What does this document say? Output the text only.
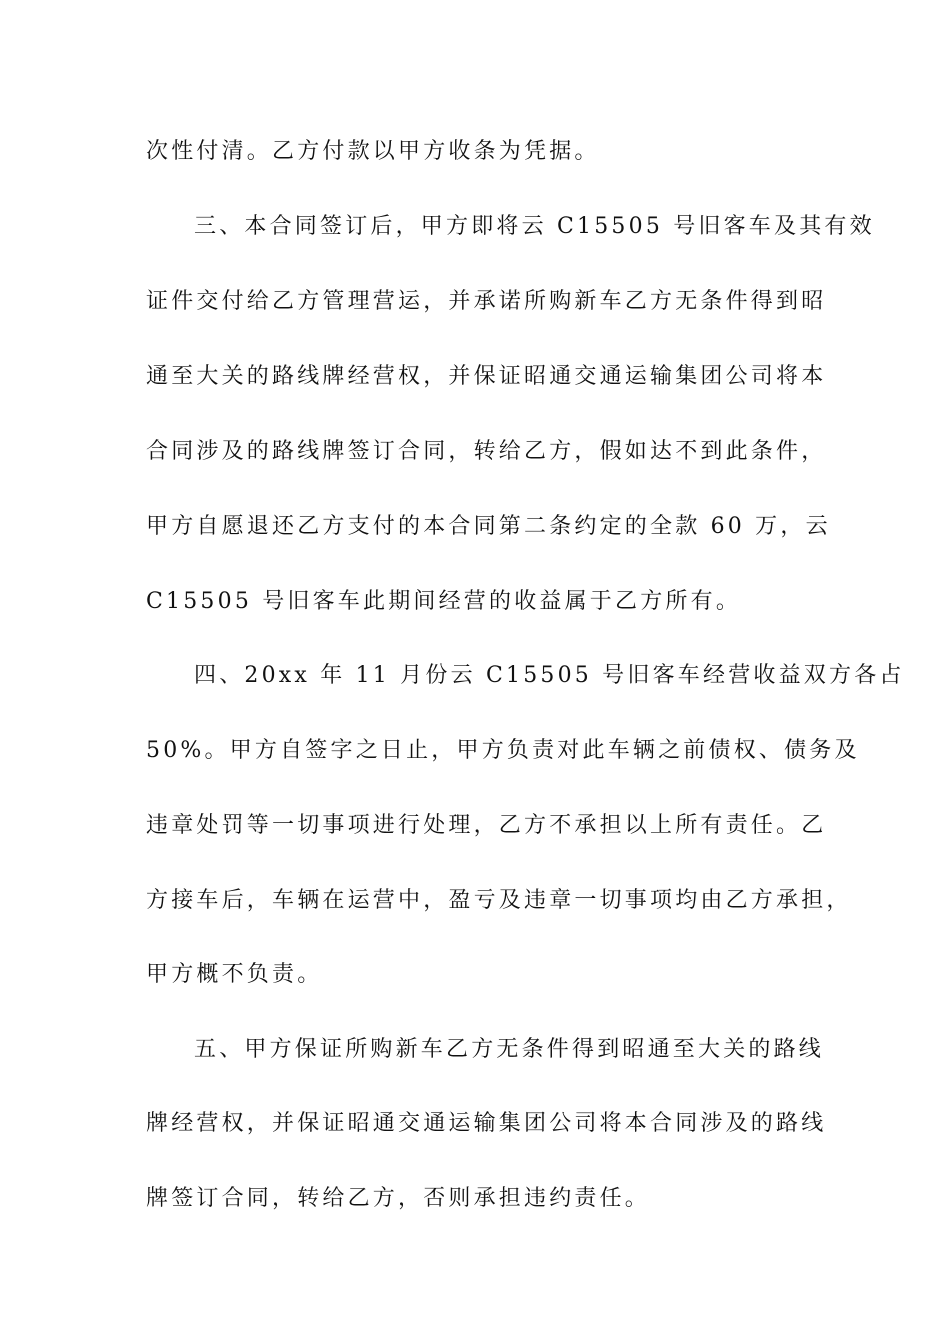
次性付清。乙方付款以甲方收条为凭据。
三、本合同签订后，甲方即将云 C15505 号旧客车及其有效
证件交付给乙方管理营运，并承诺所购新车乙方无条件得到昭
通至大关的路线牌经营权，并保证昭通交通运输集团公司将本
合同涉及的路线牌签订合同，转给乙方，假如达不到此条件，
甲方自愿退还乙方支付的本合同第二条约定的全款 60 万，云
C15505 号旧客车此期间经营的收益属于乙方所有。
四、20xx 年 11 月份云 C15505 号旧客车经营收益双方各占
50%。甲方自签字之日止，甲方负责对此车辆之前债权、债务及
违章处罚等一切事项进行处理，乙方不承担以上所有责任。乙
方接车后，车辆在运营中，盈亏及违章一切事项均由乙方承担，
甲方概不负责。
五、甲方保证所购新车乙方无条件得到昭通至大关的路线
牌经营权，并保证昭通交通运输集团公司将本合同涉及的路线
牌签订合同，转给乙方，否则承担违约责任。
